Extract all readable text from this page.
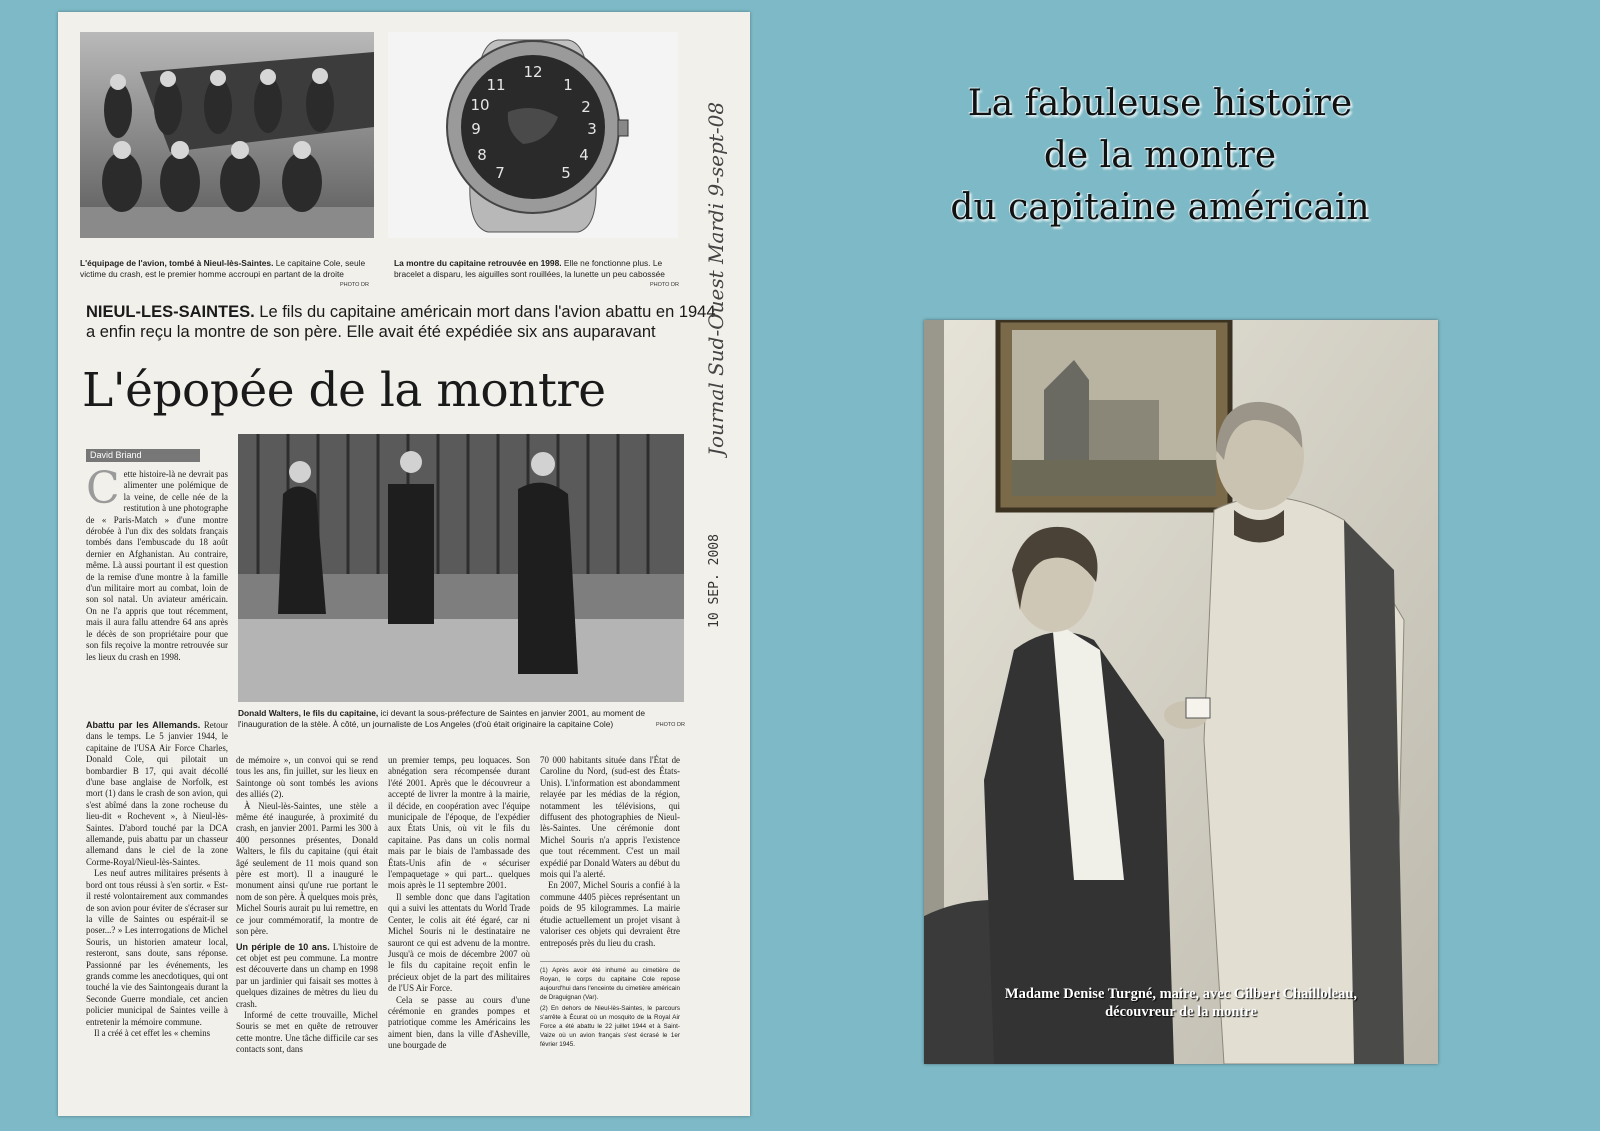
L'équipage de l'avion, tombé à Nieul-lès-Saintes. Le capitaine Cole, seule victime du crash, est le premier homme accroupi en partant de la droite
PHOTO DR
12
1
2
3
4
5
7
8
9
10
11
La montre du capitaine retrouvée en 1998. Elle ne fonctionne plus. Le bracelet a disparu, les aiguilles sont rouillées, la lunette un peu cabossée
PHOTO DR
NIEUL-LES-SAINTES. Le fils du capitaine américain mort dans l'avion abattu en 1944 a enfin reçu la montre de son père. Elle avait été expédiée six ans auparavant
L'épopée de la montre
David Briand
Donald Walters, le fils du capitaine, ici devant la sous-préfecture de Saintes en janvier 2001, au moment de l'inauguration de la stèle. À côté, un journaliste de Los Angeles (d'où était originaire la capitaine Cole)	PHOTO DR

Cette histoire-là ne devrait pas alimenter une polémique de la veine, de celle née de la restitution à une photographe de « Paris-Match » d'une montre dérobée à l'un dix des soldats français tombés dans l'embuscade du 18 août dernier en Afghanistan. Au contraire, même. Là aussi pourtant il est question de la remise d'une montre à la famille d'un militaire mort au combat, loin de son sol natal. Un aviateur américain. On ne l'a appris que tout récemment, mais il aura fallu attendre 64 ans après le décès de son propriétaire pour que son fils reçoive la montre retrouvée sur les lieux du crash en 1998.

Abattu par les Allemands. Retour dans le temps. Le 5 janvier 1944, le capitaine de l'USA Air Force Charles, Donald Cole, qui pilotait un bombardier B 17, qui avait décollé d'une base anglaise de Norfolk, est mort (1) dans le crash de son avion, qui s'est abîmé dans la zone rocheuse du lieu-dit « Rochevent », à Nieul-lès-Saintes. D'abord touché par la DCA allemande, puis abattu par un chasseur allemand dans le ciel de la zone Corme-Royal/Nieul-lès-Saintes.

Les neuf autres militaires présents à bord ont tous réussi à s'en sortir. « Est-il resté volontairement aux commandes de son avion pour éviter de s'écraser sur la ville de Saintes ou espérait-il se poser...? » Les interrogations de Michel Souris, un historien amateur local, resteront, sans doute, sans réponse. Passionné par les événements, les grands comme les anecdotiques, qui ont touché la vie des Saintongeais durant la Seconde Guerre mondiale, cet ancien policier municipal de Saintes veille à entretenir la mémoire commune.

Il a créé à cet effet les « chemins

de mémoire », un convoi qui se rend tous les ans, fin juillet, sur les lieux en Saintonge où sont tombés les avions des alliés (2).

À Nieul-lès-Saintes, une stèle a même été inaugurée, à proximité du crash, en janvier 2001. Parmi les 300 à 400 personnes présentes, Donald Walters, le fils du capitaine (qui était âgé seulement de 11 mois quand son père est mort). Il a inauguré le monument ainsi qu'une rue portant le nom de son père. À quelques mois près, Michel Souris aurait pu lui remettre, en ce jour commémoratif, la montre de son père.

Un périple de 10 ans. L'histoire de cet objet est peu commune. La montre est découverte dans un champ en 1998 par un jardinier qui faisait ses mottes à quelques dizaines de mètres du lieu du crash.

Informé de cette trouvaille, Michel Souris se met en quête de retrouver cette montre. Une tâche difficile car ses contacts sont, dans

un premier temps, peu loquaces. Son abnégation sera récompensée durant l'été 2001. Après que le découvreur a accepté de livrer la montre à la mairie, il décide, en coopération avec l'équipe municipale de l'époque, de l'expédier aux États Unis, où vit le fils du capitaine. Pas dans un colis normal mais par le biais de l'ambassade des États-Unis afin de « sécuriser l'empaquetage » qui part... quelques mois après le 11 septembre 2001.

Il semble donc que dans l'agitation qui a suivi les attentats du World Trade Center, le colis ait été égaré, car ni Michel Souris ni le destinataire ne sauront ce qui est advenu de la montre. Jusqu'à ce mois de décembre 2007 où le fils du capitaine reçoit enfin le précieux objet de la part des militaires de l'US Air Force.

Cela se passe au cours d'une cérémonie en grandes pompes et patriotique comme les Américains les aiment bien, dans la ville d'Asheville, une bourgade de

70 000 habitants située dans l'État de Caroline du Nord, (sud-est des États-Unis). L'information est abondamment relayée par les médias de la région, notamment les télévisions, qui diffusent des photographies de Nieul-lès-Saintes. Une cérémonie dont Michel Souris n'a appris l'existence que tout récemment. C'est un mail expédié par Donald Waters au début du mois qui l'a alerté.

En 2007, Michel Souris a confié à la commune 4405 pièces représentant un poids de 95 kilogrammes. La mairie étudie actuellement un projet visant à valoriser ces objets qui devraient être entreposés près du lieu du crash.

(1) Après avoir été inhumé au cimetière de Royan, le corps du capitaine Cole repose aujourd'hui dans l'enceinte du cimetière américain de Draguignan (Var).

(2) En dehors de Nieul-lès-Saintes, le parcours s'arrête à Écurat où un mosquito de la Royal Air Force a été abattu le 22 juillet 1944 et à Saint-Vaize où un avion français s'est écrasé le 1er février 1945.

10 SEP. 2008
Journal Sud-Ouest Mardi 9-sept-08	La fabuleuse histoire
de la montre
du capitaine américain
Madame Denise Turgné, maire, avec Gilbert Chailloleau,
découvreur de la montre
